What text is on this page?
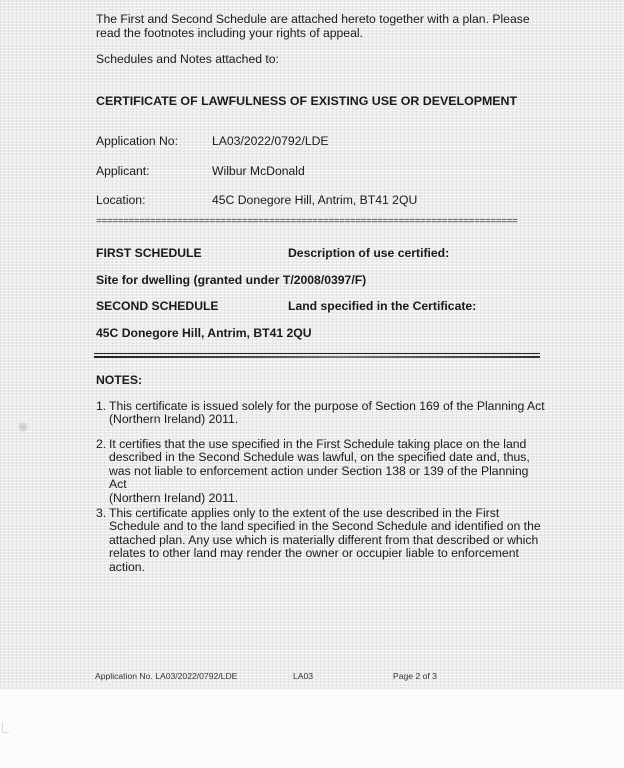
The First and Second Schedule are attached hereto together with a plan. Please
read the footnotes including your rights of appeal.
Schedules and Notes attached to:
CERTIFICATE OF LAWFULNESS OF EXISTING USE OR DEVELOPMENT
Application No:	LA03/2022/0792/LDE
Applicant:	Wilbur McDonald
Location:	45C Donegore Hill, Antrim, BT41 2QU
==============================================================================
FIRST SCHEDULE	Description of use certified:
Site for dwelling (granted under T/2008/0397/F)
SECOND SCHEDULE	Land specified in the Certificate:
45C Donegore Hill, Antrim, BT41 2QU
NOTES:
1. This certificate is issued solely for the purpose of Section 169 of the Planning Act
(Northern Ireland) 2011.
2. It certifies that the use specified in the First Schedule taking place on the land
described in the Second Schedule was lawful, on the specified date and, thus,
was not liable to enforcement action under Section 138 or 139 of the Planning Act
(Northern Ireland) 2011.
3. This certificate applies only to the extent of the use described in the First
Schedule and to the land specified in the Second Schedule and identified on the
attached plan. Any use which is materially different from that described or which
relates to other land may render the owner or occupier liable to enforcement
action.
Application No. LA03/2022/0792/LDE	LA03	Page 2 of 3
